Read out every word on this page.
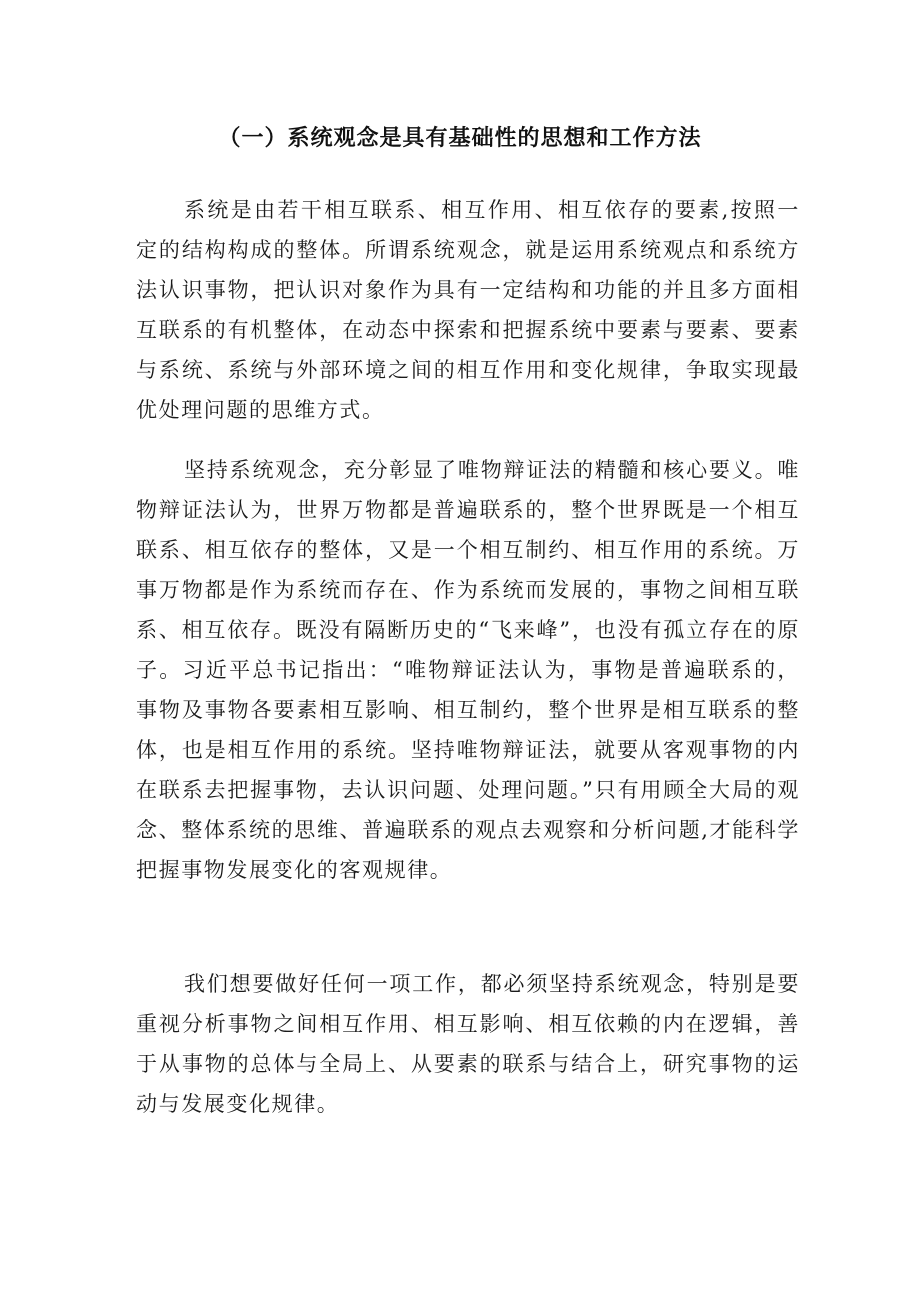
（一）系统观念是具有基础性的思想和工作方法

系统是由若干相互联系、相互作用、相互依存的要素,按照一定的结构构成的整体。所谓系统观念，就是运用系统观点和系统方法认识事物，把认识对象作为具有一定结构和功能的并且多方面相互联系的有机整体，在动态中探索和把握系统中要素与要素、要素与系统、系统与外部环境之间的相互作用和变化规律，争取实现最优处理问题的思维方式。

坚持系统观念，充分彰显了唯物辩证法的精髓和核心要义。唯物辩证法认为，世界万物都是普遍联系的，整个世界既是一个相互联系、相互依存的整体，又是一个相互制约、相互作用的系统。万事万物都是作为系统而存在、作为系统而发展的，事物之间相互联系、相互依存。既没有隔断历史的“飞来峰”，也没有孤立存在的原子。习近平总书记指出：“唯物辩证法认为，事物是普遍联系的，事物及事物各要素相互影响、相互制约，整个世界是相互联系的整体，也是相互作用的系统。坚持唯物辩证法，就要从客观事物的内在联系去把握事物，去认识问题、处理问题。”只有用顾全大局的观念、整体系统的思维、普遍联系的观点去观察和分析问题,才能科学把握事物发展变化的客观规律。

我们想要做好任何一项工作，都必须坚持系统观念，特别是要重视分析事物之间相互作用、相互影响、相互依赖的内在逻辑，善于从事物的总体与全局上、从要素的联系与结合上，研究事物的运动与发展变化规律。
